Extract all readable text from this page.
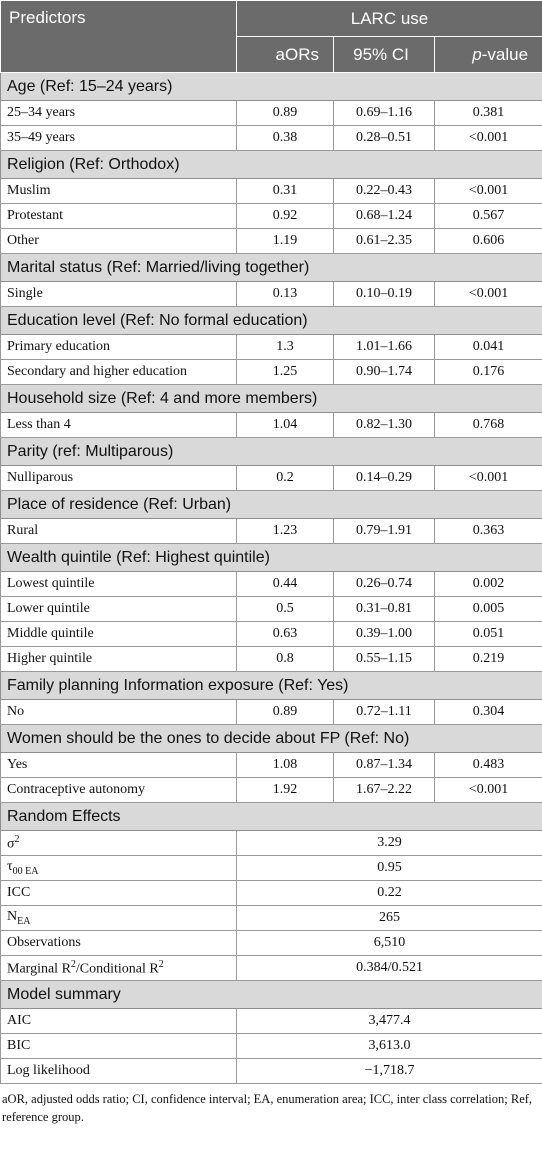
Predictors	LARC use		
	aORs	95% CI	p-value
Age (Ref: 15–24 years)			
25–34 years	0.89	0.69–1.16	0.381
35–49 years	0.38	0.28–0.51	<0.001
Religion (Ref: Orthodox)			
Muslim	0.31	0.22–0.43	<0.001
Protestant	0.92	0.68–1.24	0.567
Other	1.19	0.61–2.35	0.606
Marital status (Ref: Married/living together)			
Single	0.13	0.10–0.19	<0.001
Education level (Ref: No formal education)			
Primary education	1.3	1.01–1.66	0.041
Secondary and higher education	1.25	0.90–1.74	0.176
Household size (Ref: 4 and more members)			
Less than 4	1.04	0.82–1.30	0.768
Parity (ref: Multiparous)			
Nulliparous	0.2	0.14–0.29	<0.001
Place of residence (Ref: Urban)			
Rural	1.23	0.79–1.91	0.363
Wealth quintile (Ref: Highest quintile)			
Lowest quintile	0.44	0.26–0.74	0.002
Lower quintile	0.5	0.31–0.81	0.005
Middle quintile	0.63	0.39–1.00	0.051
Higher quintile	0.8	0.55–1.15	0.219
Family planning Information exposure (Ref: Yes)			
No	0.89	0.72–1.11	0.304
Women should be the ones to decide about FP (Ref: No)			
Yes	1.08	0.87–1.34	0.483
Contraceptive autonomy	1.92	1.67–2.22	<0.001
Random Effects			
$\sigma^2$	3.29		
$\tau_{00 EA}$	0.95		
ICC	0.22		
$N_{EA}$	265		
Observations	6,510		
Marginal $R^2$/Conditional $R^2$	0.384/0.521		
Model summary			
AIC	3,477.4		
BIC	3,613.0		
Log likelihood	−1,718.7		
aOR, adjusted odds ratio; CI, confidence interval; EA, enumeration area; ICC, inter class correlation; Ref, reference group.
